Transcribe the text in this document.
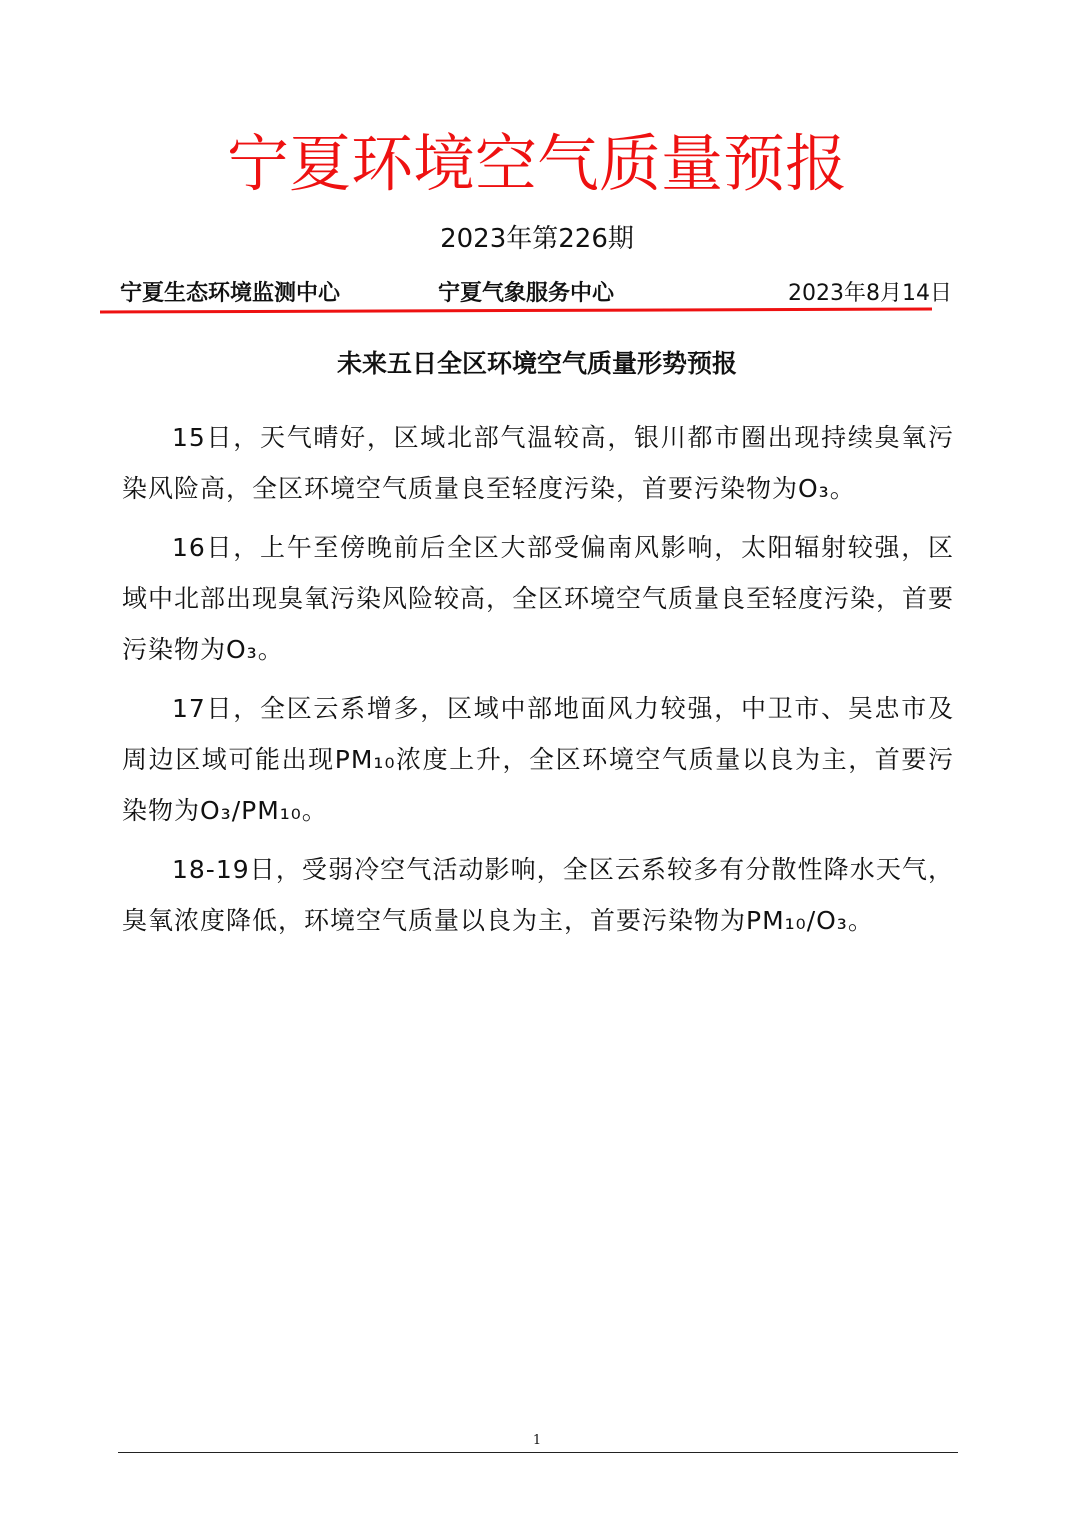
宁夏环境空气质量预报
2023年第226期
宁夏生态环境监测中心	宁夏气象服务中心	2023年8月14日
未来五日全区环境空气质量形势预报

15日，天气晴好，区域北部气温较高，银川都市圈出现持续臭氧污染风险高，全区环境空气质量良至轻度污染，首要污染物为O₃。

16日，上午至傍晚前后全区大部受偏南风影响，太阳辐射较强，区域中北部出现臭氧污染风险较高，全区环境空气质量良至轻度污染，首要污染物为O₃。

17日，全区云系增多，区域中部地面风力较强，中卫市、吴忠市及周边区域可能出现PM₁₀浓度上升，全区环境空气质量以良为主，首要污染物为O₃/PM₁₀。

18-19日，受弱冷空气活动影响，全区云系较多有分散性降水天气，臭氧浓度降低，环境空气质量以良为主，首要污染物为PM₁₀/O₃。

1
